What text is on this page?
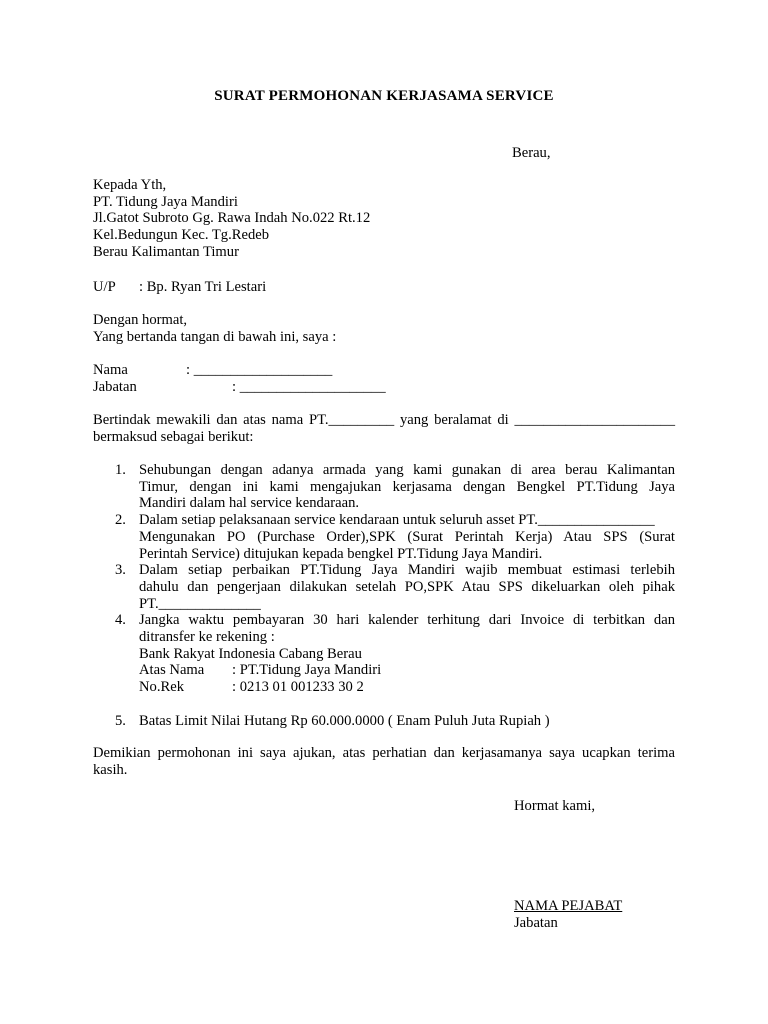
SURAT PERMOHONAN KERJASAMA SERVICE
Berau,
Kepada Yth,
PT. Tidung Jaya Mandiri
Jl.Gatot Subroto Gg. Rawa Indah No.022 Rt.12
Kel.Bedungun Kec. Tg.Redeb
Berau Kalimantan Timur
U/P : Bp. Ryan Tri Lestari
Dengan hormat,
Yang bertanda tangan di bawah ini, saya :
Nama	: ___________________
Jabatan	: ____________________
Bertindak mewakili dan atas nama PT._________ yang beralamat di ______________________
bermaksud sebagai berikut:
1. Sehubungan dengan adanya armada yang kami gunakan di area berau Kalimantan
Timur, dengan ini kami mengajukan kerjasama dengan Bengkel PT.Tidung Jaya
Mandiri dalam hal service kendaraan.
2. Dalam setiap pelaksanaan service kendaraan untuk seluruh asset PT.________________
Mengunakan PO (Purchase Order),SPK (Surat Perintah Kerja) Atau SPS (Surat
Perintah Service) ditujukan kepada bengkel PT.Tidung Jaya Mandiri.
3. Dalam setiap perbaikan PT.Tidung Jaya Mandiri wajib membuat estimasi terlebih
dahulu dan pengerjaan dilakukan setelah PO,SPK Atau SPS dikeluarkan oleh pihak
PT.______________
4. Jangka waktu pembayaran 30 hari kalender terhitung dari Invoice di terbitkan dan
ditransfer ke rekening :
Bank Rakyat Indonesia Cabang Berau
Atas Nama	: PT.Tidung Jaya Mandiri
No.Rek	: 0213 01 001233 30 2
5. Batas Limit Nilai Hutang Rp 60.000.0000 ( Enam Puluh Juta Rupiah )
Demikian permohonan ini saya ajukan, atas perhatian dan kerjasamanya saya ucapkan terima
kasih.
Hormat kami,
NAMA PEJABAT
Jabatan
